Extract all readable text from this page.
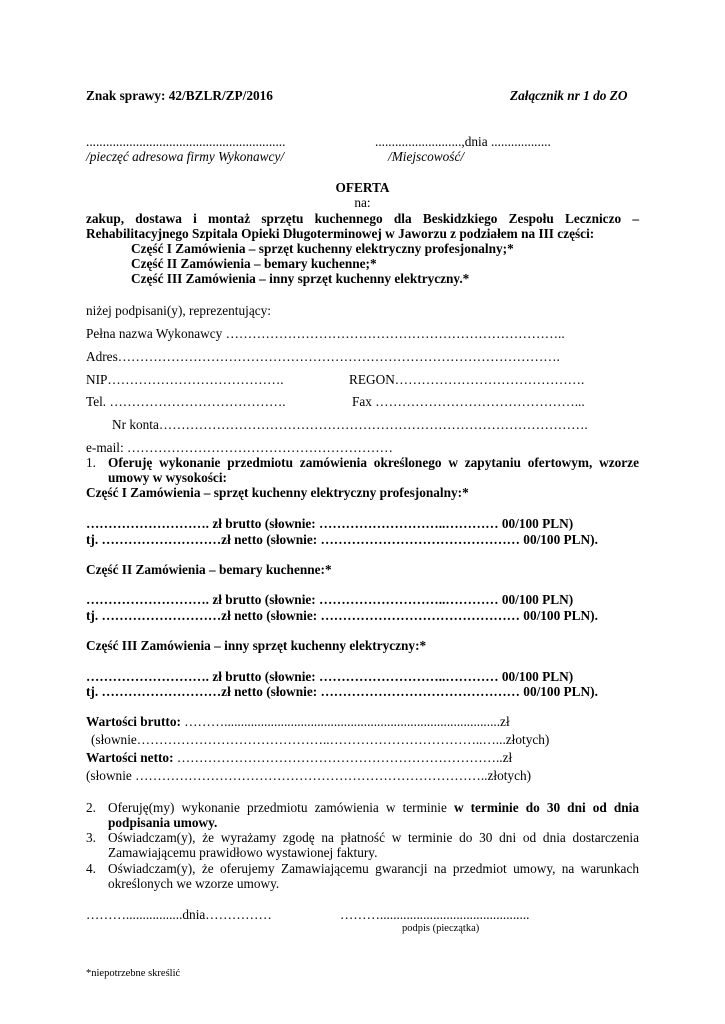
Znak sprawy: 42/BZLR/ZP/2016	Załącznik nr 1 do ZO
............................................................
/pieczęć adresowa firmy Wykonawcy/
..........................,dnia ..................
/Miejscowość/
OFERTA
na:
zakup, dostawa i montaż sprzętu kuchennego dla Beskidzkiego Zespołu Leczniczo –
Rehabilitacyjnego Szpitala Opieki Długoterminowej w Jaworzu z podziałem na III części:
Część I Zamówienia – sprzęt kuchenny elektryczny profesjonalny;*
Część II Zamówienia – bemary kuchenne;*
Część III Zamówienia – inny sprzęt kuchenny elektryczny.*
niżej podpisani(y), reprezentujący:
Pełna nazwa Wykonawcy …………………………………………………………………..
Adres……………………………………………………………………………………….
NIP………………………………….	REGON…………………………………….
Tel. ………………………………….	Fax ………………………………………...
Nr konta…………………………………………………………………………………….
e-mail: ……………………………………………………
1. Oferuję wykonanie przedmiotu zamówienia określonego w zapytaniu ofertowym, wzorze
umowy w wysokości:
Część I Zamówienia – sprzęt kuchenny elektryczny profesjonalny:*
………………………. zł brutto (słownie: ………………………..………… 00/100 PLN)
tj. ………………………zł netto (słownie: ……………………………………… 00/100 PLN).
Część II Zamówienia – bemary kuchenne:*
………………………. zł brutto (słownie: ………………………..………… 00/100 PLN)
tj. ………………………zł netto (słownie: ……………………………………… 00/100 PLN).
Część III Zamówienia – inny sprzęt kuchenny elektryczny:*
………………………. zł brutto (słownie: ………………………..………… 00/100 PLN)
tj. ………………………zł netto (słownie: ……………………………………… 00/100 PLN).
Wartości brutto: ………...................................................................................zł
(słownie……………………………………..……………………………..…...złotych)
Wartości netto: ………………………………………………………………..zł
(słownie ……………………………………………………………………..złotych)
2. Oferuję(my) wykonanie przedmiotu zamówienia w terminie w terminie do 30 dni od dnia
podpisania umowy.
3. Oświadczam(y), że wyrażamy zgodę na płatność w terminie do 30 dni od dnia dostarczenia
Zamawiającemu prawidłowo wystawionej faktury.
4. Oświadczam(y), że oferujemy Zamawiającemu gwarancji na przedmiot umowy, na warunkach
określonych we wzorze umowy.
……….................dnia……………	……….............................................
podpis (pieczątka)
*niepotrzebne skreślić
